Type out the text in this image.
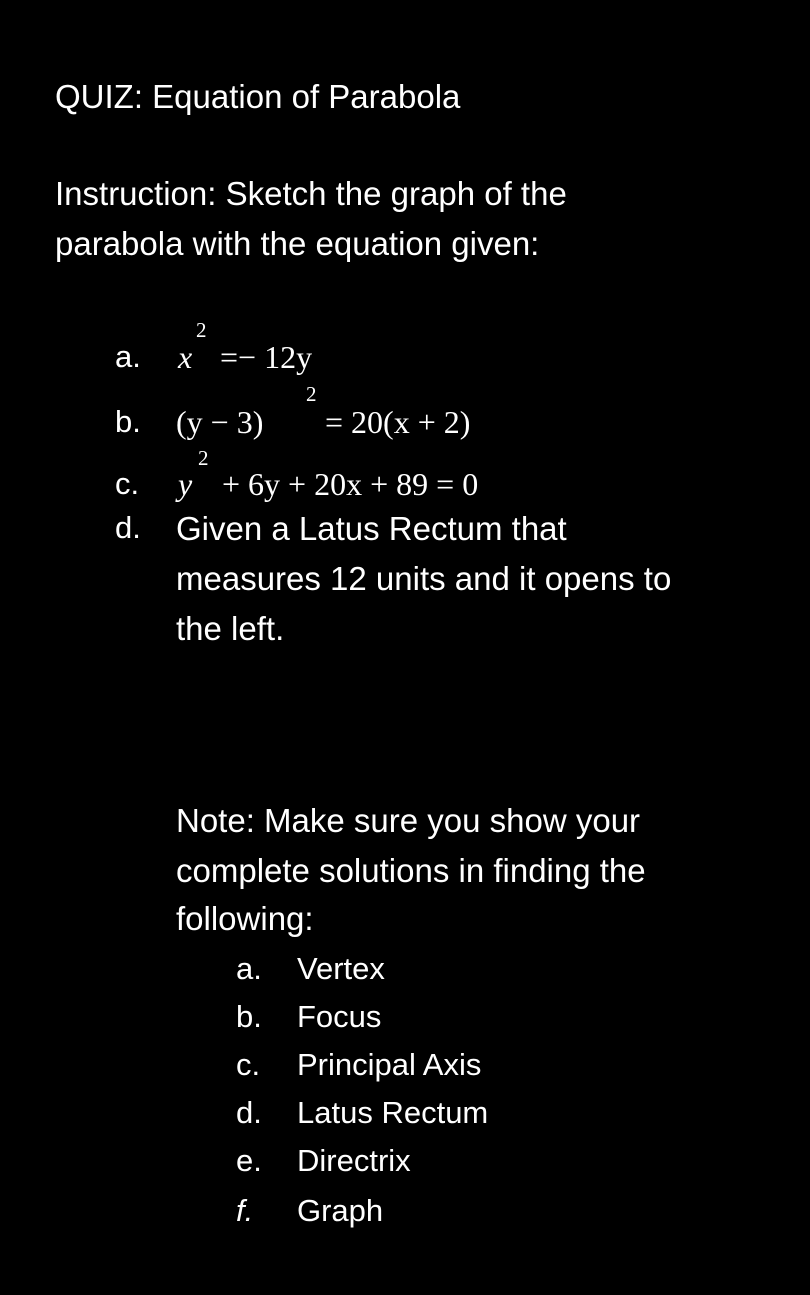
QUIZ: Equation of Parabola
Instruction: Sketch the graph of the
parabola with the equation given:
a. x
2
=− 12y
b. (y − 3)
2
= 20(x + 2)
c. y
2
+ 6y + 20x + 89 = 0
d. Given a Latus Rectum that
measures 12 units and it opens to
the left.
Note: Make sure you show your
complete solutions in finding the
following:
a. Vertex
b. Focus
c. Principal Axis
d. Latus Rectum
e. Directrix
f. Graph
